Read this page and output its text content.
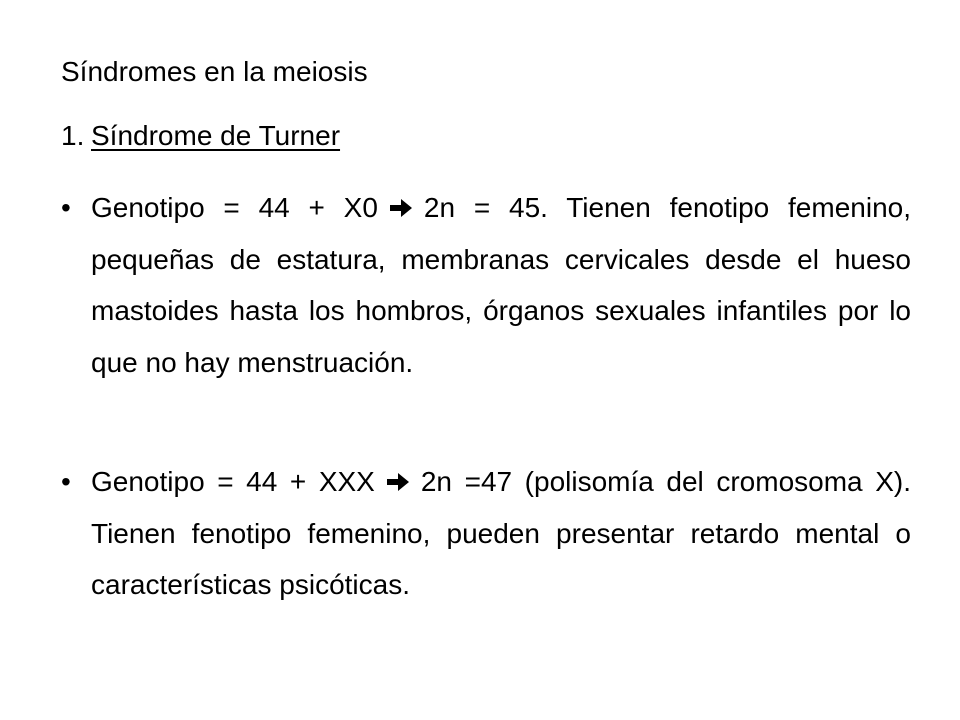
Síndromes en la meiosis
1. Síndrome de Turner
• Genotipo = 44 + X0 2n = 45. Tienen fenotipo femenino, pequeñas de estatura, membranas cervicales desde el hueso mastoides hasta los hombros, órganos sexuales infantiles por lo que no hay menstruación.
• Genotipo = 44 + XXX 2n =47 (polisomía del cromosoma X). Tienen fenotipo femenino, pueden presentar retardo mental o características psicóticas.
